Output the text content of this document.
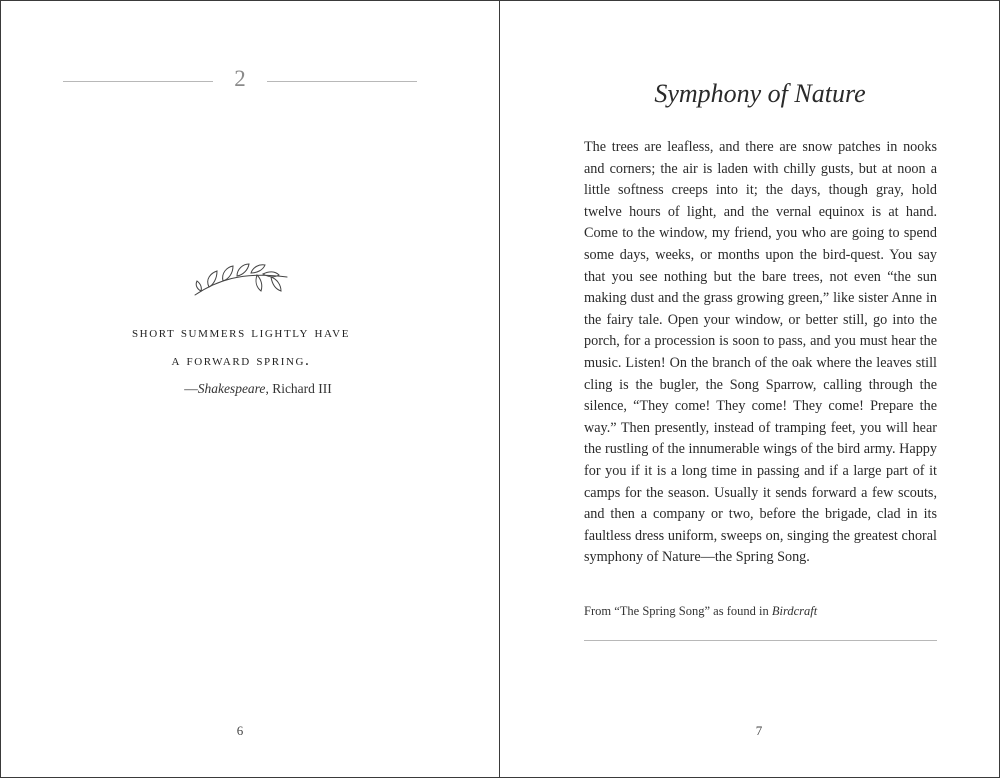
2
short summers lightly have
a forward spring.
—Shakespeare, Richard III
6
Symphony of Nature

The trees are leafless, and there are snow patches in nooks and corners; the air is laden with chilly gusts, but at noon a little softness creeps into it; the days, though gray, hold twelve hours of light, and the vernal equinox is at hand. Come to the window, my friend, you who are going to spend some days, weeks, or months upon the bird-quest. You say that you see nothing but the bare trees, not even “the sun making dust and the grass growing green,” like sister Anne in the fairy tale. Open your window, or better still, go into the porch, for a procession is soon to pass, and you must hear the music. Listen! On the branch of the oak where the leaves still cling is the bugler, the Song Sparrow, calling through the silence, “They come! They come! They come! Prepare the way.” Then presently, instead of tramping feet, you will hear the rustling of the innumerable wings of the bird army. Happy for you if it is a long time in passing and if a large part of it camps for the season. Usually it sends forward a few scouts, and then a company or two, before the brigade, clad in its faultless dress uniform, sweeps on, singing the greatest choral symphony of Nature—the Spring Song.

From “The Spring Song” as found in Birdcraft
7
